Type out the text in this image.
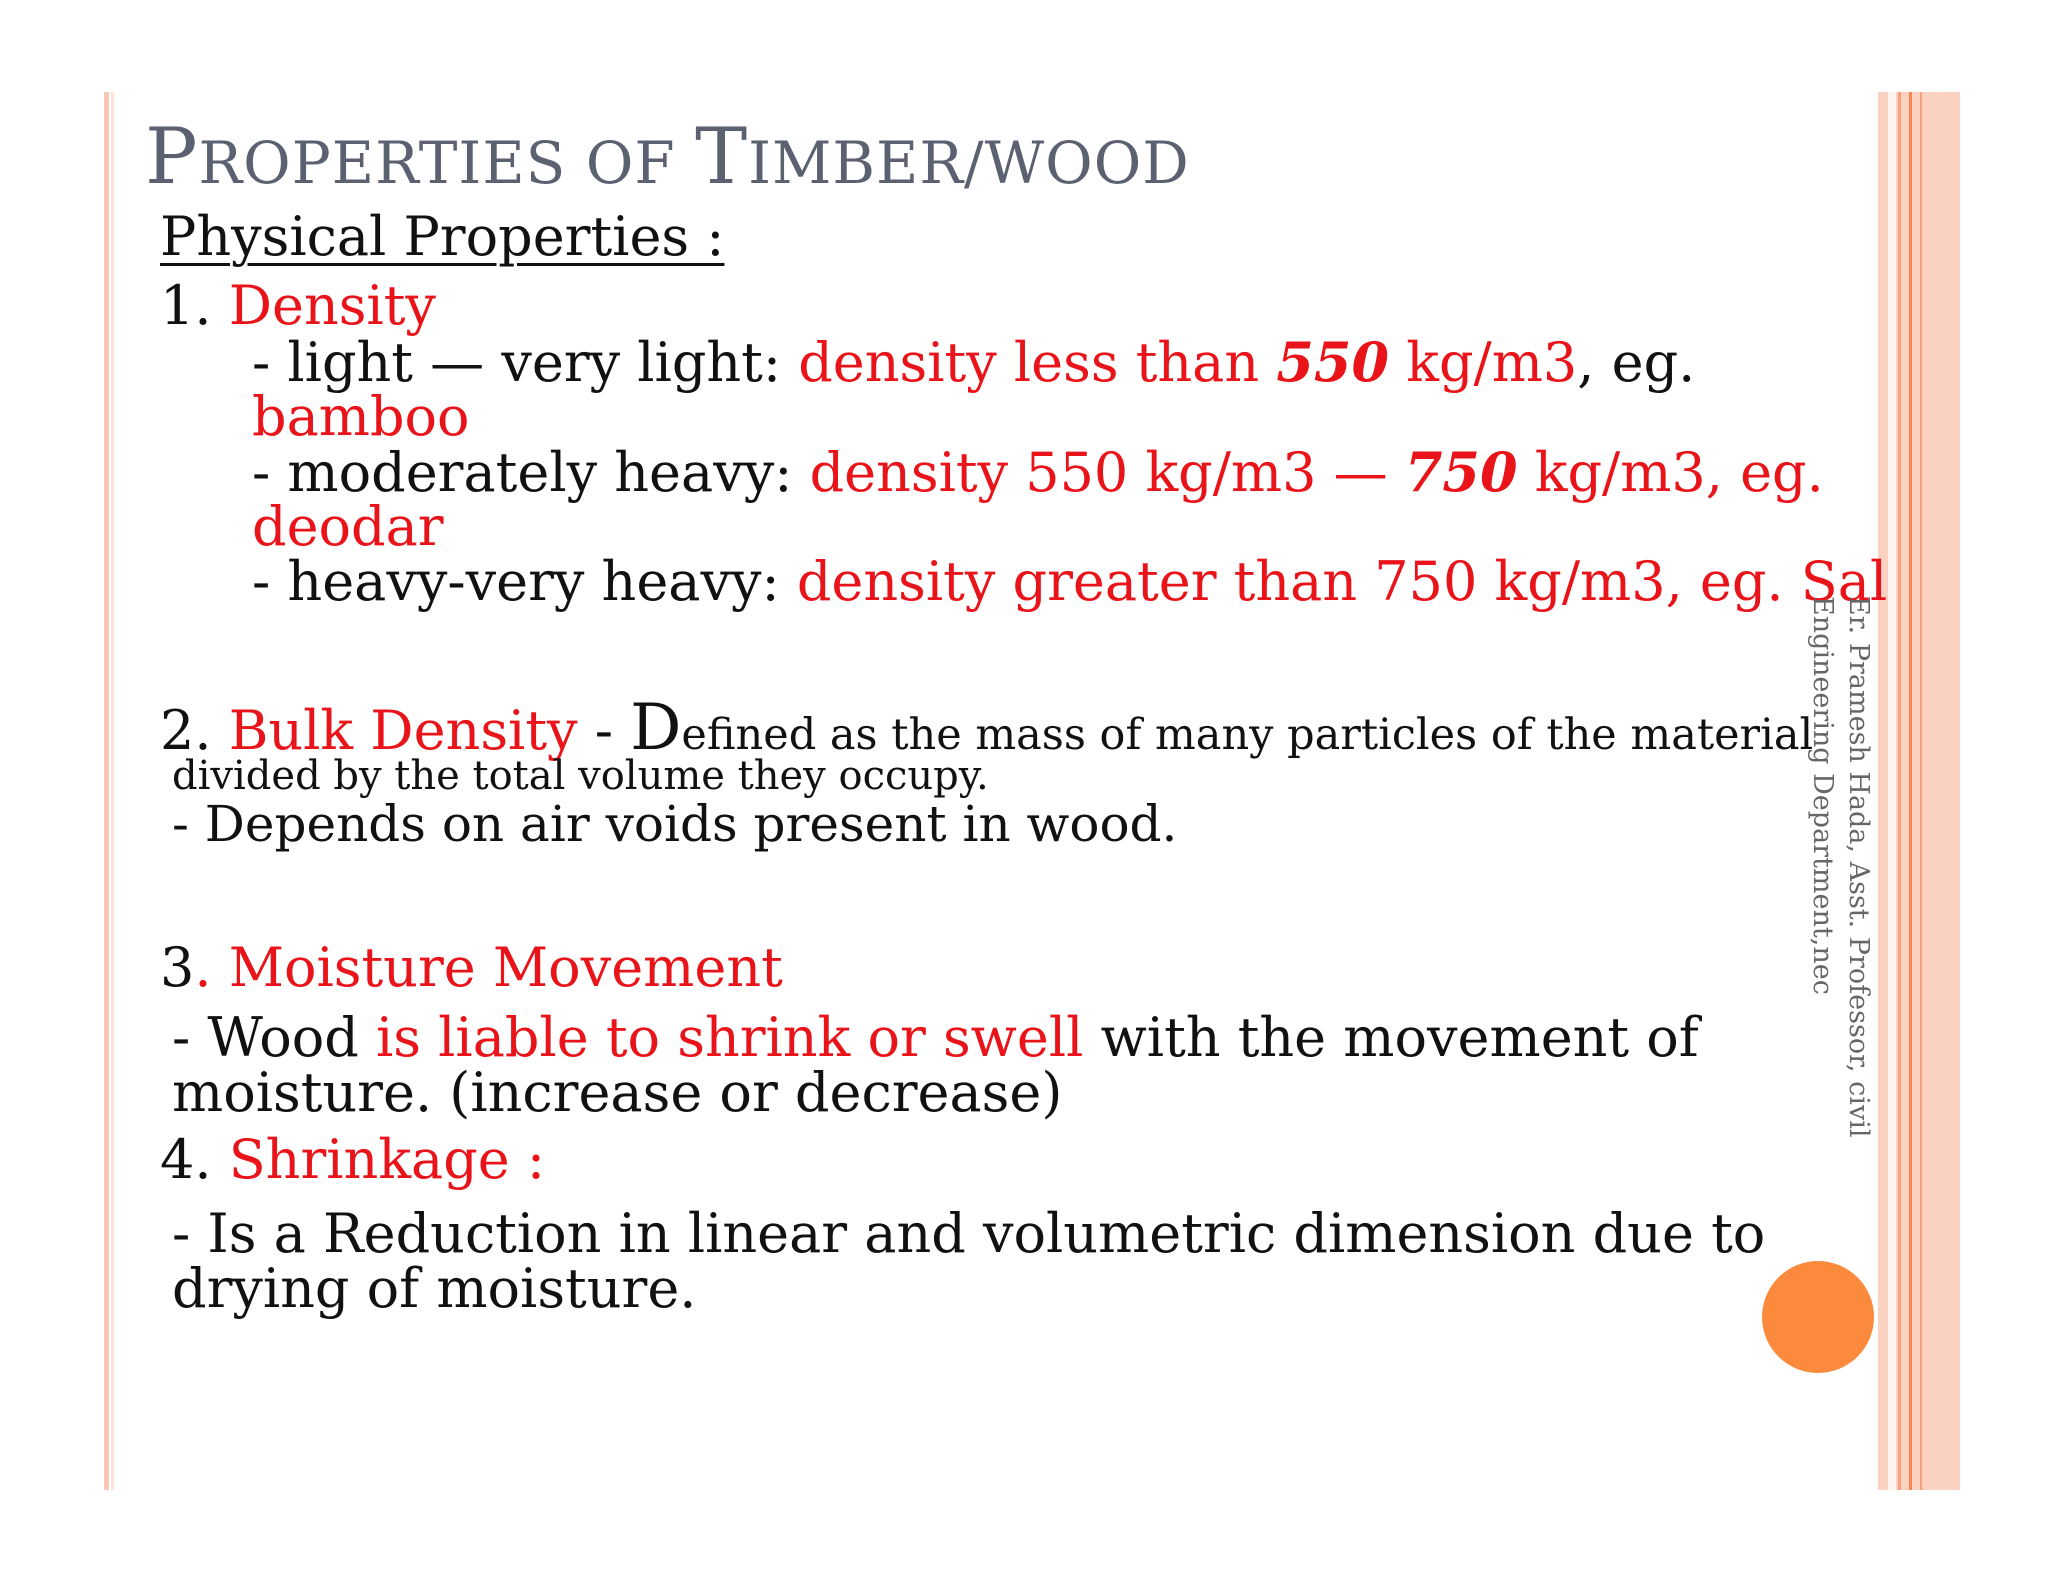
PROPERTIES OF TIMBER/WOOD
Physical Properties :
1. Density
- light — very light: density less than 550 kg/m3, eg.
bamboo
- moderately heavy: density 550 kg/m3 — 750 kg/m3, eg.
deodar
- heavy-very heavy: density greater than 750 kg/m3, eg. Sal
2. Bulk Density - Defined as the mass of many particles of the material
divided by the total volume they occupy.
- Depends on air voids present in wood.
3. Moisture Movement
- Wood is liable to shrink or swell with the movement of
moisture. (increase or decrease)
4. Shrinkage :
- Is a Reduction in linear and volumetric dimension due to
drying of moisture.
Er. Pramesh Hada, Asst. Professor, civil
Engineering Department,nec
